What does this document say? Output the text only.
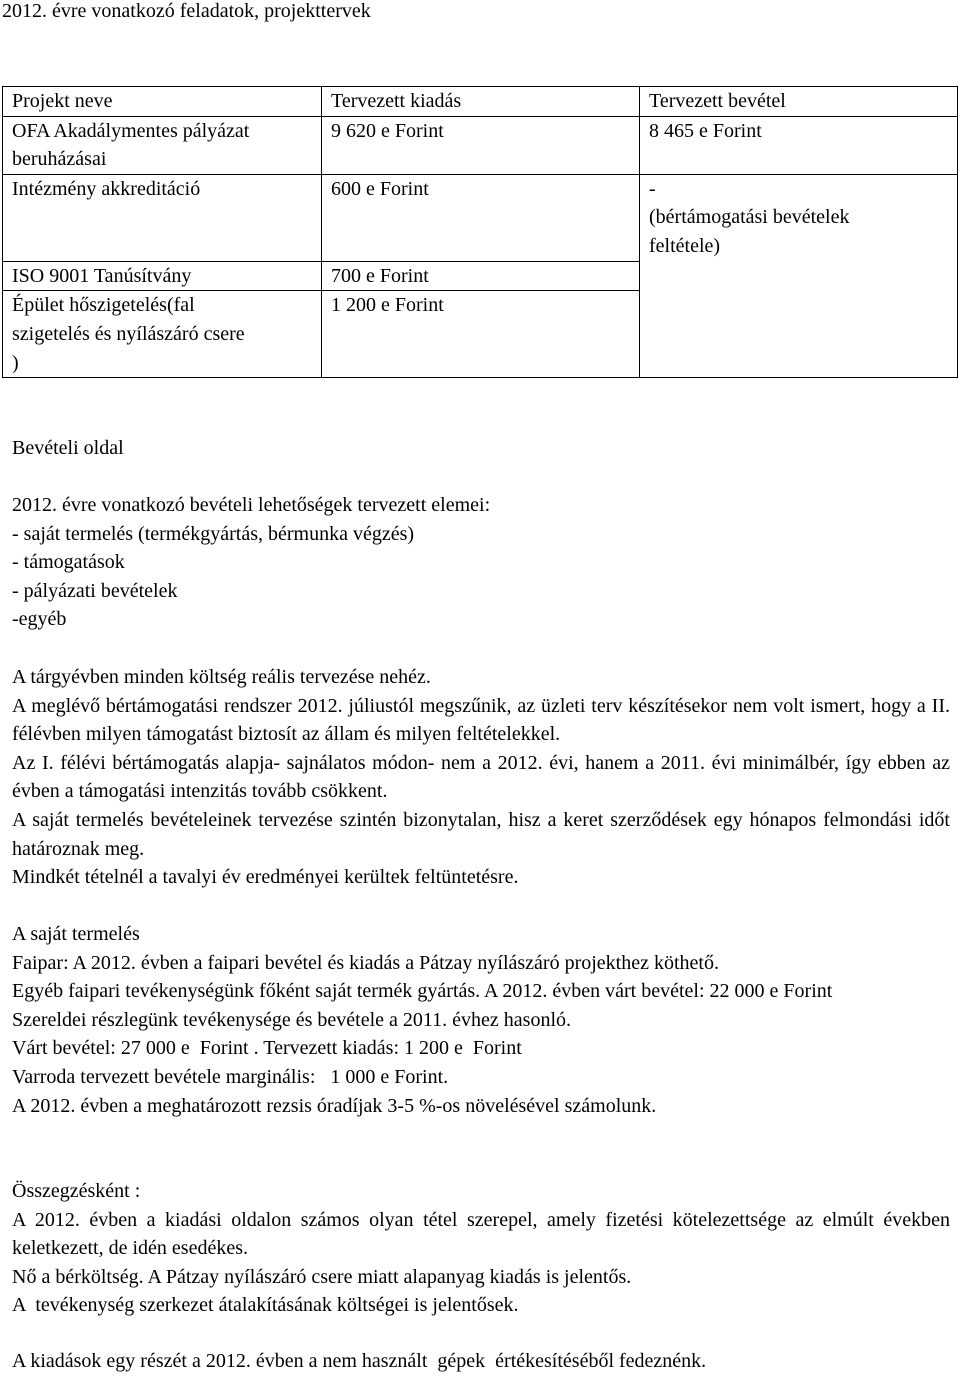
2012. évre vonatkozó feladatok, projekttervek
Projekt neve	Tervezett kiadás	Tervezett bevétel
OFA Akadálymentes pályázat
beruházásai	9 620 e Forint	8 465 e Forint
Intézmény akkreditáció	600 e Forint	-
(bértámogatási bevételek
feltétele)
ISO 9001 Tanúsítvány	700 e Forint	
Épület hőszigetelés(fal
szigetelés és nyílászáró csere
)	1 200 e Forint	

Bevételi oldal

2012. évre vonatkozó bevételi lehetőségek tervezett elemei:

- saját termelés (termékgyártás, bérmunka végzés)

- támogatások

- pályázati bevételek

-egyéb

A tárgyévben minden költség reális tervezése nehéz.

A meglévő bértámogatási rendszer 2012. júliustól megszűnik, az üzleti terv készítésekor nem volt ismert, hogy a II. félévben milyen támogatást biztosít az állam és milyen feltételekkel.

Az I. félévi bértámogatás alapja- sajnálatos módon- nem a 2012. évi, hanem a 2011. évi minimálbér, így ebben az évben a támogatási intenzitás tovább csökkent.

A saját termelés bevételeinek tervezése szintén bizonytalan, hisz a keret szerződések egy hónapos felmondási időt határoznak meg.

Mindkét tételnél a tavalyi év eredményei kerültek feltüntetésre.

A saját termelés

Faipar: A 2012. évben a faipari bevétel és kiadás a Pátzay nyílászáró projekthez köthető.

Egyéb faipari tevékenységünk főként saját termék gyártás. A 2012. évben várt bevétel: 22 000 e Forint

Szereldei részlegünk tevékenysége és bevétele a 2011. évhez hasonló.

Várt bevétel: 27 000 e  Forint . Tervezett kiadás: 1 200 e  Forint

Varroda tervezett bevétele marginális:   1 000 e Forint.

A 2012. évben a meghatározott rezsis óradíjak 3-5 %-os növelésével számolunk.

Összegzésként :

A 2012. évben a kiadási oldalon számos olyan tétel szerepel, amely fizetési kötelezettsége az elmúlt években keletkezett, de idén esedékes.

Nő a bérköltség. A Pátzay nyílászáró csere miatt alapanyag kiadás is jelentős.

A  tevékenység szerkezet átalakításának költségei is jelentősek.

A kiadások egy részét a 2012. évben a nem használt  gépek  értékesítéséből fedeznénk.
